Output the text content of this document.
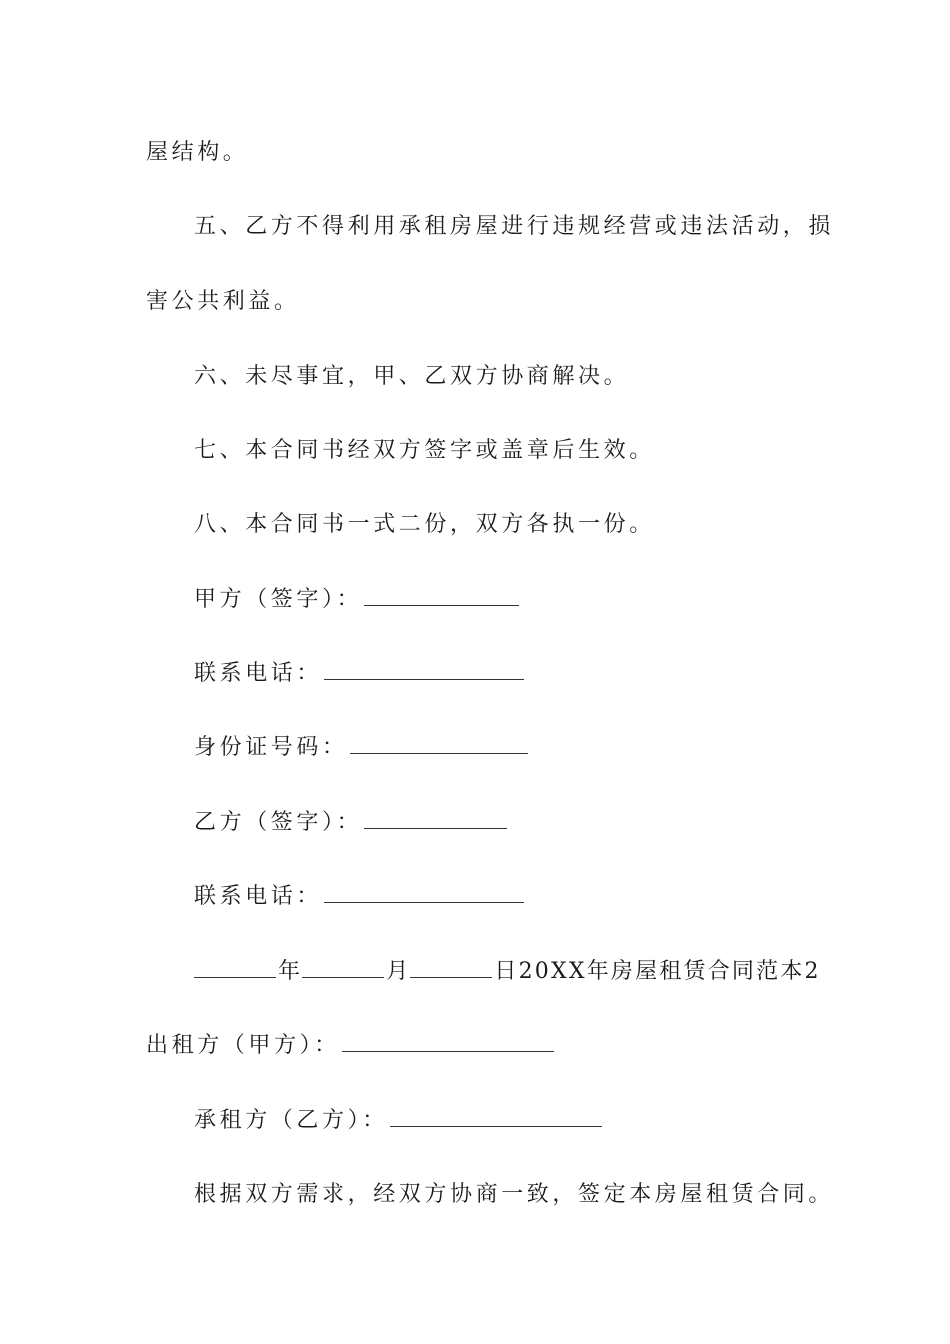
屋结构。
五、乙方不得利用承租房屋进行违规经营或违法活动，损
害公共利益。
六、未尽事宜，甲、乙双方协商解决。
七、本合同书经双方签字或盖章后生效。
八、本合同书一式二份，双方各执一份。
甲方（签字）：
联系电话：
身份证号码：
乙方（签字）：
联系电话：
年	月	日20XX年房屋租赁合同范本2
出租方（甲方）：
承租方（乙方）：
根据双方需求，经双方协商一致，签定本房屋租赁合同。
